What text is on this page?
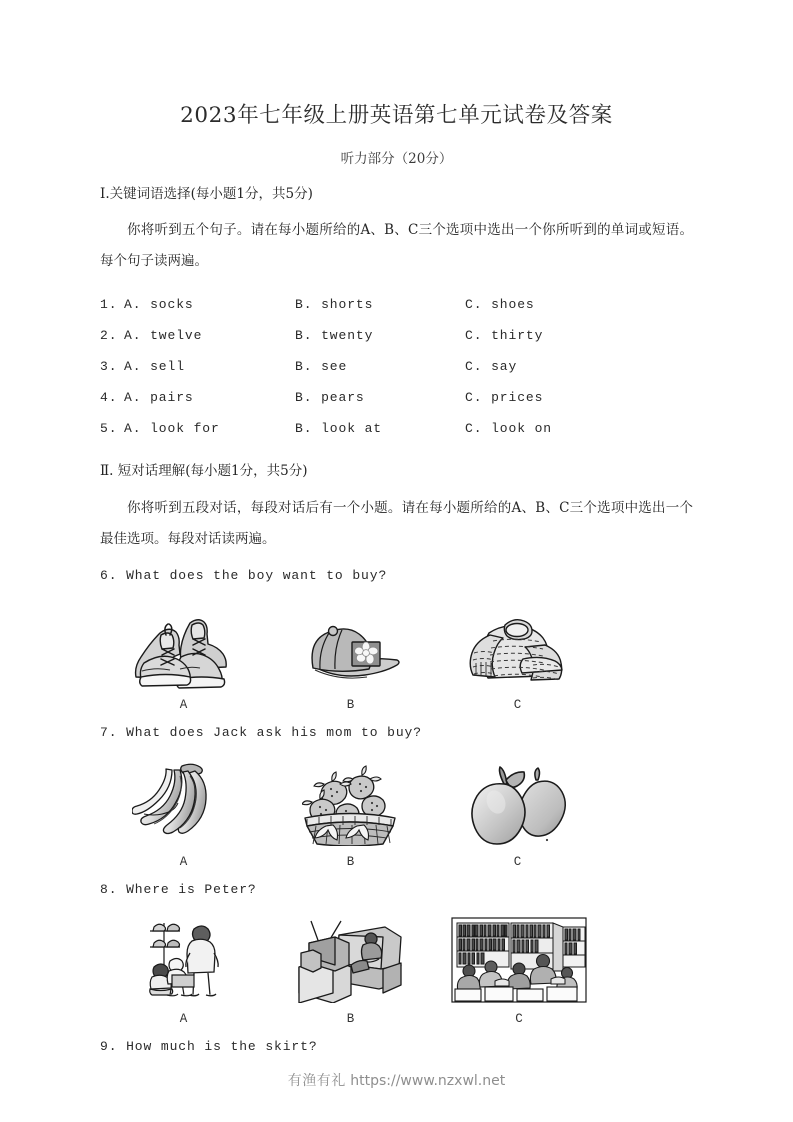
2023年七年级上册英语第七单元试卷及答案
听力部分（20分）
Ⅰ.关键词语选择(每小题1分，共5分)

你将听到五个句子。请在每小题所给的A、B、C三个选项中选出一个你所听到的单词或短语。每个句子读两遍。

1. A. socks	B. shorts	C. shoes
2. A. twelve	B. twenty	C. thirty
3. A. sell	B. see	C. say
4. A. pairs	B. pears	C. prices
5. A. look for	B. look at	C. look on
Ⅱ. 短对话理解(每小题1分，共5分)

你将听到五段对话，每段对话后有一个小题。请在每小题所给的A、B、C三个选项中选出一个最佳选项。每段对话读两遍。

6. What does the boy want to buy?
A	B	C
7. What does Jack ask his mom to buy?
A	B	C
8. Where is Peter?
A	B	C
9. How much is the skirt?
有渔有礼 https://www.nzxwl.net
